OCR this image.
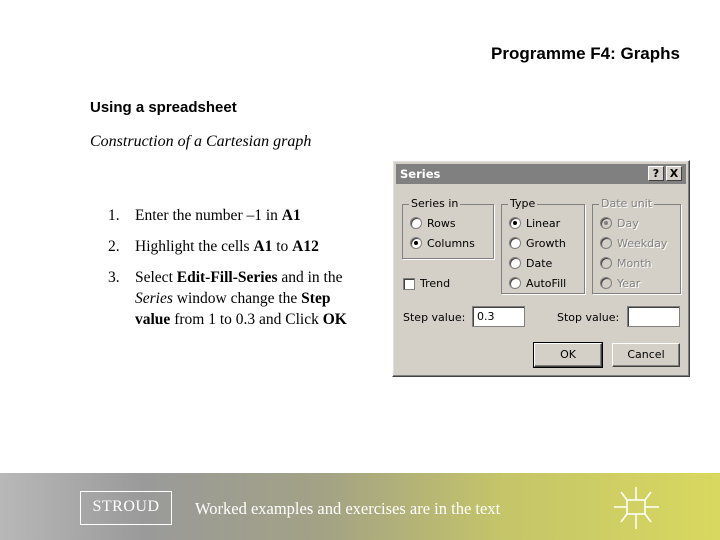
Programme F4: Graphs
Using a spreadsheet
Construction of a Cartesian graph
1. Enter the number –1 in A1
2. Highlight the cells A1 to A12
3. Select Edit-Fill-Series and in the Series window change the Step value from 1 to 0.3 and Click OK
Series	? X
Series in
Rows
Columns
Type
Linear
Growth
Date
AutoFill
Date unit
Day
Weekday
Month
Year
Trend
Step value:	0.3	Stop value:
OK	Cancel
STROUD	Worked examples and exercises are in the text
